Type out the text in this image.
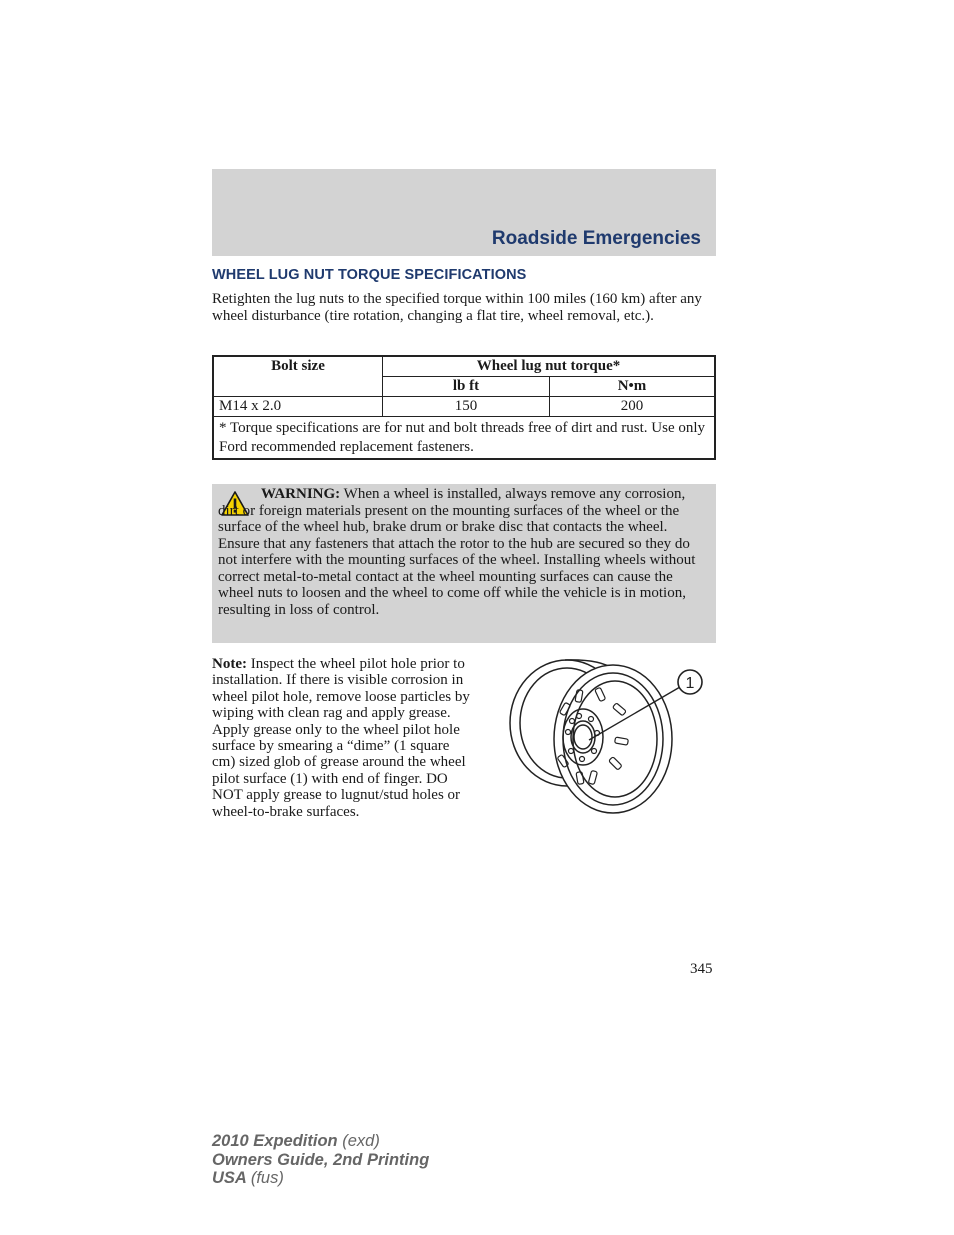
Roadside Emergencies
WHEEL LUG NUT TORQUE SPECIFICATIONS

Retighten the lug nuts to the specified torque within 100 miles (160 km) after any wheel disturbance (tire rotation, changing a flat tire, wheel removal, etc.).

Bolt size	Wheel lug nut torque*	
	lb ft	N•m
M14 x 2.0	150	200
* Torque specifications are for nut and bolt threads free of dirt and rust. Use only Ford recommended replacement fasteners.		

WARNING: When a wheel is installed, always remove any corrosion, dirt or foreign materials present on the mounting surfaces of the wheel or the surface of the wheel hub, brake drum or brake disc that contacts the wheel. Ensure that any fasteners that attach the rotor to the hub are secured so they do not interfere with the mounting surfaces of the wheel. Installing wheels without correct metal-to-metal contact at the wheel mounting surfaces can cause the wheel nuts to loosen and the wheel to come off while the vehicle is in motion, resulting in loss of control.

Note: Inspect the wheel pilot hole prior to installation. If there is visible corrosion in wheel pilot hole, remove loose particles by wiping with clean rag and apply grease. Apply grease only to the wheel pilot hole surface by smearing a “dime” (1 square cm) sized glob of grease around the wheel pilot surface (1) with end of finger. DO NOT apply grease to lugnut/stud holes or wheel-to-brake surfaces.

1
345
2010 Expedition (exd)
Owners Guide, 2nd Printing
USA (fus)
